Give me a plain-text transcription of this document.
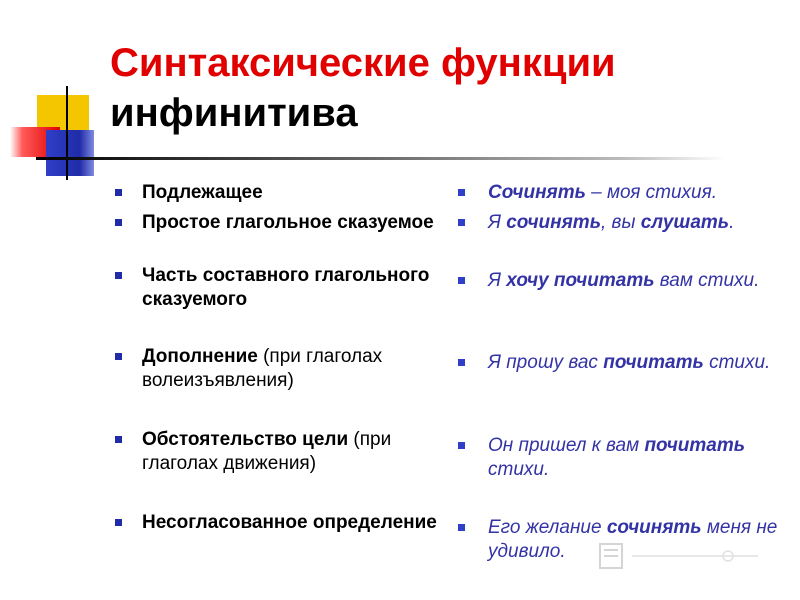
Синтаксические функции
инфинитива
Подлежащее
Простое глагольное сказуемое
Часть составного глагольного сказуемого
Дополнение (при глаголах волеизъявления)
Обстоятельство цели (при глаголах движения)
Несогласованное определение
Сочинять – моя стихия.
Я сочинять, вы слушать.
Я хочу почитать вам стихи.
Я прошу вас почитать стихи.
Он пришел к вам почитать стихи.
Его желание сочинять меня не удивило.
